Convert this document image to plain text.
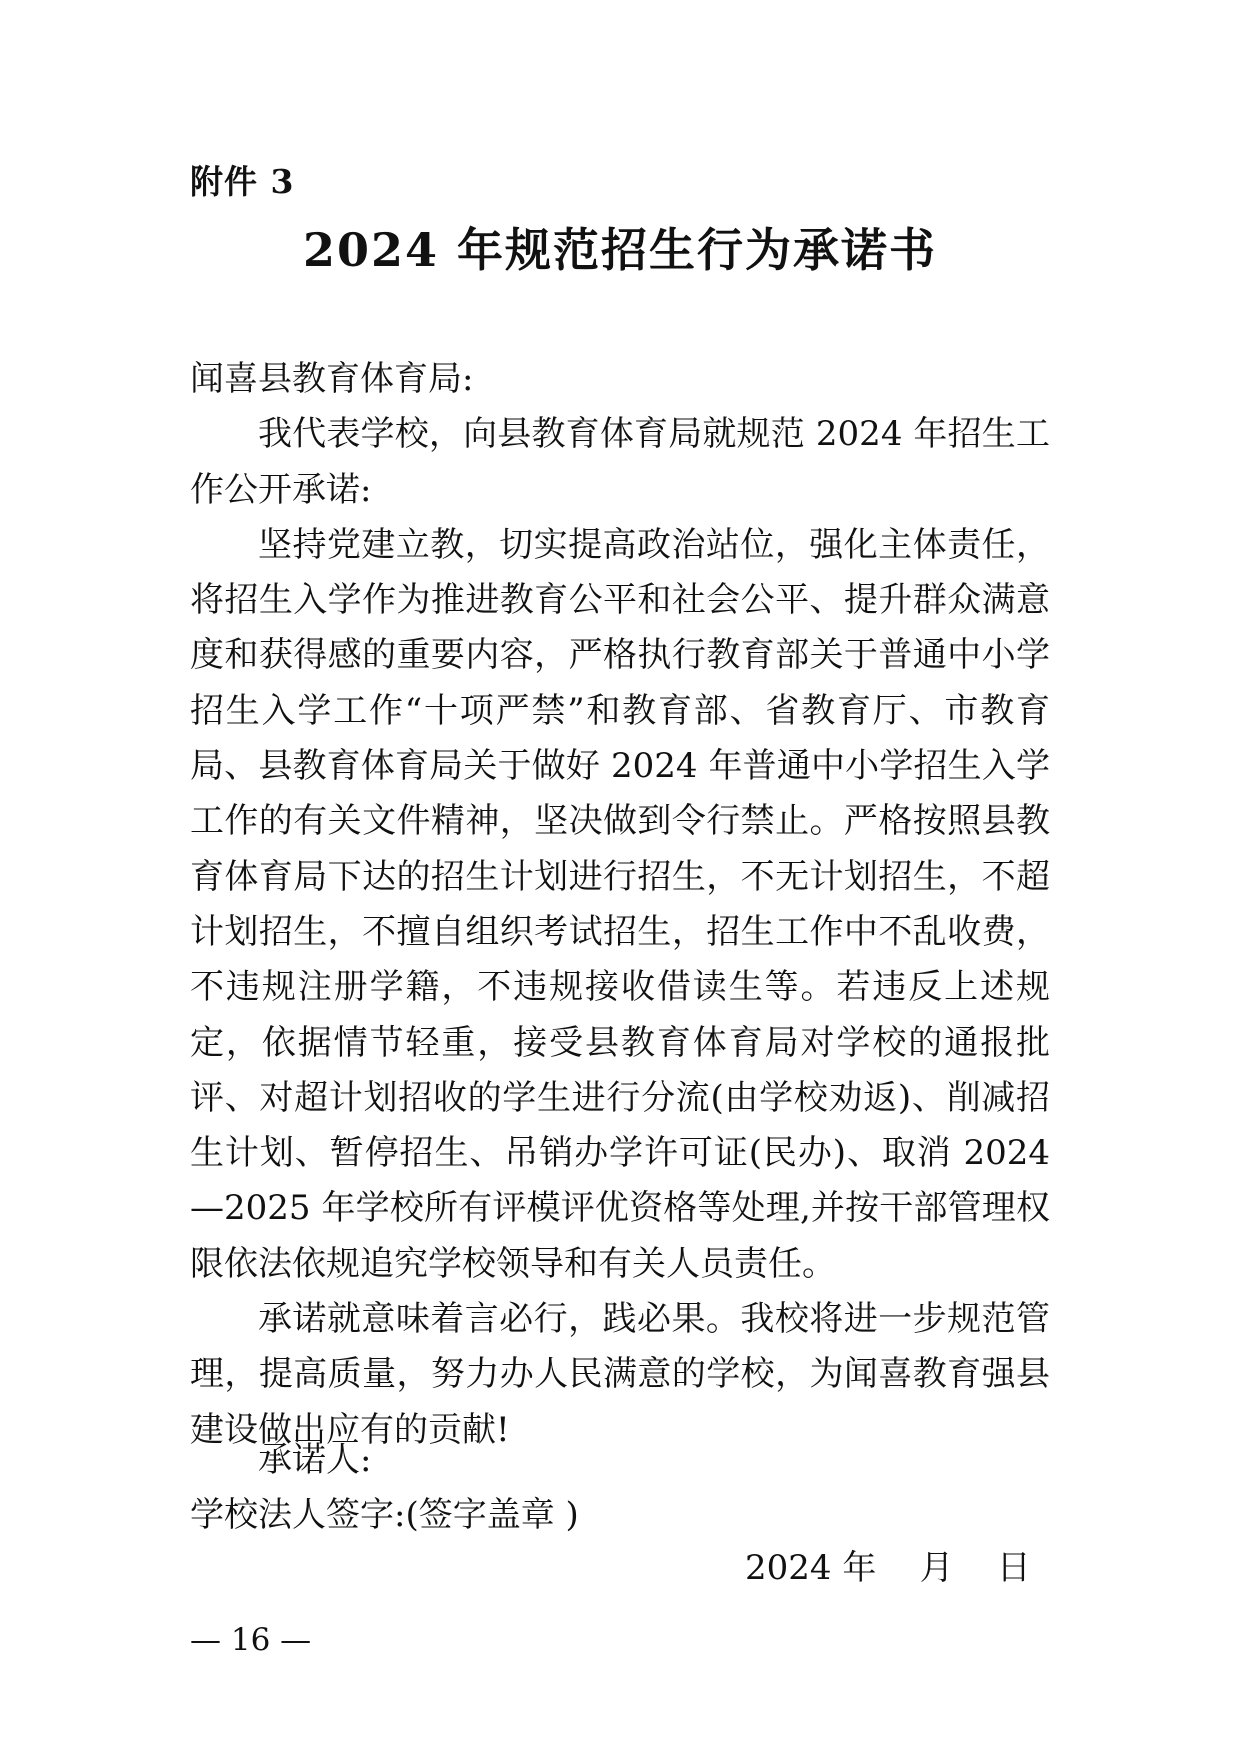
附件 3
2024 年规范招生行为承诺书

闻喜县教育体育局:

我代表学校，向县教育体育局就规范 2024 年招生工作公开承诺:

坚持党建立教，切实提高政治站位，强化主体责任，将招生入学作为推进教育公平和社会公平、提升群众满意度和获得感的重要内容，严格执行教育部关于普通中小学招生入学工作“十项严禁”和教育部、省教育厅、市教育局、县教育体育局关于做好 2024 年普通中小学招生入学工作的有关文件精神，坚决做到令行禁止。严格按照县教育体育局下达的招生计划进行招生，不无计划招生，不超计划招生，不擅自组织考试招生，招生工作中不乱收费，不违规注册学籍，不违规接收借读生等。若违反上述规定，依据情节轻重，接受县教育体育局对学校的通报批评、对超计划招收的学生进行分流(由学校劝返)、削减招生计划、暂停招生、吊销办学许可证(民办)、取消 2024—2025 年学校所有评模评优资格等处理,并按干部管理权限依法依规追究学校领导和有关人员责任。

承诺就意味着言必行，践必果。我校将进一步规范管理，提高质量，努力办人民满意的学校，为闻喜教育强县建设做出应有的贡献!

承诺人:
学校法人签字:(签字盖章 )
2024 年    月    日
— 16 —
